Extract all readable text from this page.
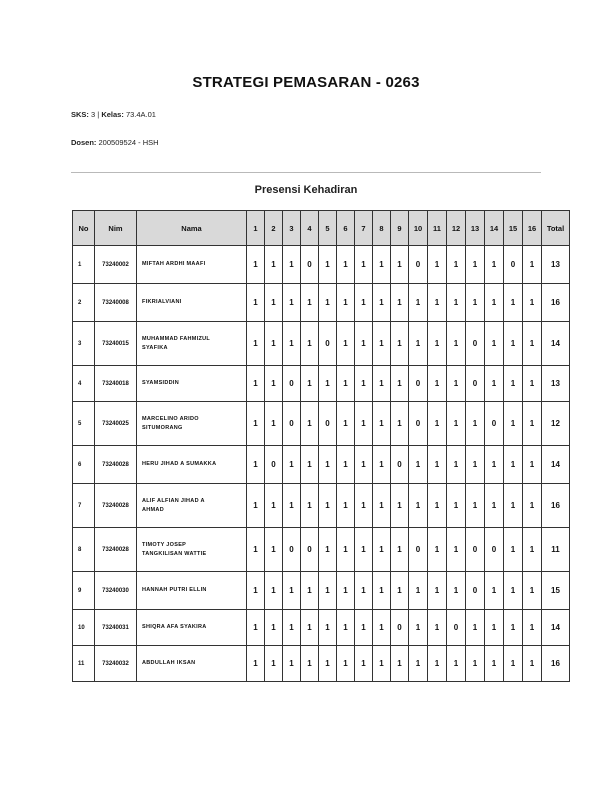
STRATEGI PEMASARAN - 0263
SKS: 3 | Kelas: 73.4A.01
Dosen: 200509524 - HSH
Presensi Kehadiran
No	Nim	Nama	1	2	3	4	5	6	7	8	9	10	11	12	13	14	15	16	Total
1	73240002	MIFTAH ARDHI MAAFI	1	1	1	0	1	1	1	1	1	0	1	1	1	1	0	1	13
2	73240008	FIKRIALVIANI	1	1	1	1	1	1	1	1	1	1	1	1	1	1	1	1	16
3	73240015	MUHAMMAD FAHMIZUL
SYAFIKA	1	1	1	1	0	1	1	1	1	1	1	1	0	1	1	1	14
4	73240018	SYAMSIDDIN	1	1	0	1	1	1	1	1	1	0	1	1	0	1	1	1	13
5	73240025	MARCELINO ARIDO
SITUMORANG	1	1	0	1	0	1	1	1	1	0	1	1	1	0	1	1	12
6	73240028	HERU JIHAD A SUMAKKA	1	0	1	1	1	1	1	1	0	1	1	1	1	1	1	1	14
7	73240028	ALIF ALFIAN JIHAD A
AHMAD	1	1	1	1	1	1	1	1	1	1	1	1	1	1	1	1	16
8	73240028	TIMOTY JOSEP
TANGKILISAN WATTIE	1	1	0	0	1	1	1	1	1	0	1	1	0	0	1	1	11
9	73240030	HANNAH PUTRI ELLIN	1	1	1	1	1	1	1	1	1	1	1	1	0	1	1	1	15
10	73240031	SHIQRA AFA SYAKIRA	1	1	1	1	1	1	1	1	0	1	1	0	1	1	1	1	14
11	73240032	ABDULLAH IKSAN	1	1	1	1	1	1	1	1	1	1	1	1	1	1	1	1	16
